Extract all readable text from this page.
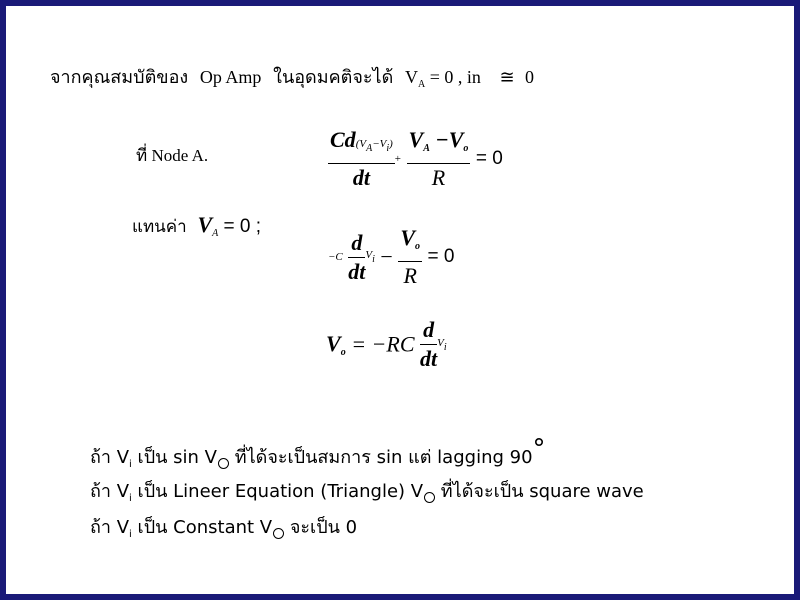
จากคุณสมบัติของ Op Amp ในอุดมคติจะได้ $V_A = 0$ , in ≅ 0
ที่ Node A.	$\frac{Cd(V_A-V_i)}{dt} + \frac{V_A -V_o}{R} = 0$
แทนค่า $V_A = 0$ ;
$-C \frac{d}{dt} V_i - \frac{V_o}{R} = 0$
$V_o = -RC \frac{d}{dt} V_i$
ถ้า $V_i$ เป็น sin V ที่ได้จะเป็นสมการ sin แต่ lagging 90°
ถ้า $V_i$ เป็น Lineer Equation (Triangle) V ที่ได้จะเป็น square wave
ถ้า $V_i$ เป็น Constant V จะเป็น 0
